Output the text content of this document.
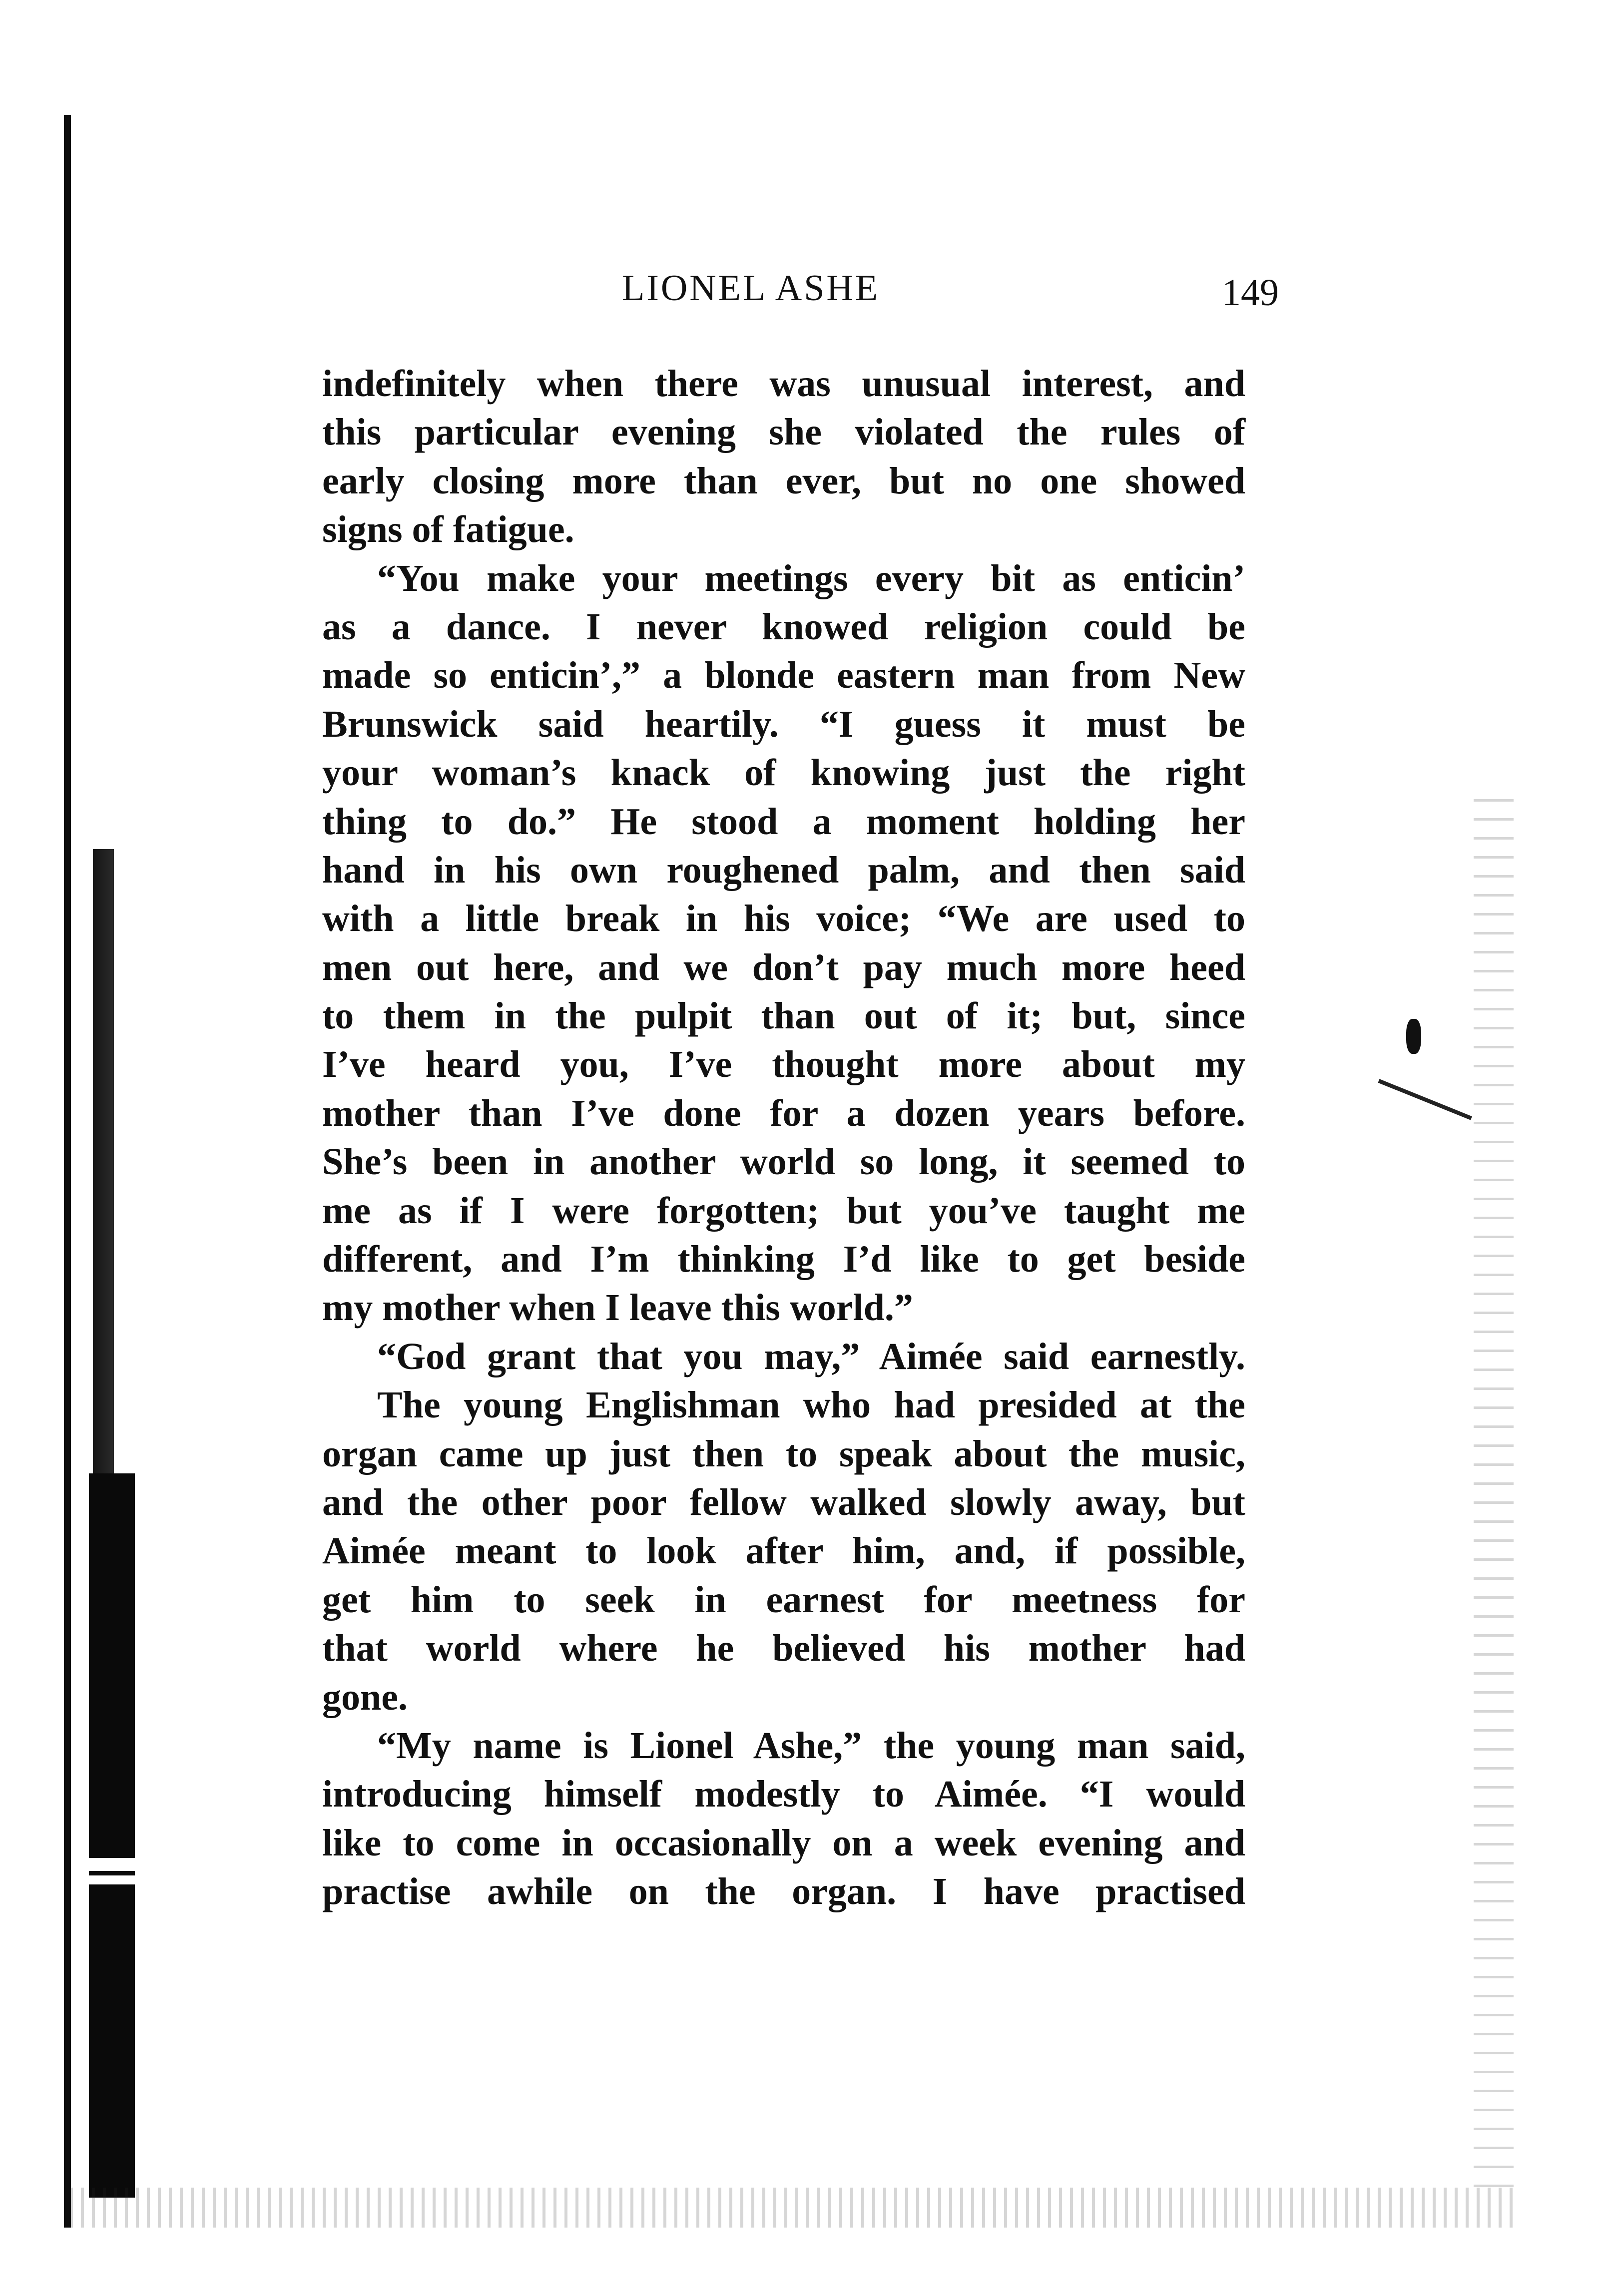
LIONEL ASHE	149
indefinitely when there was unusual interest, and
this particular evening she violated the rules of
early closing more than ever, but no one showed
signs of fatigue.
“You make your meetings every bit as enticin’
as a dance. I never knowed religion could be
made so enticin’,” a blonde eastern man from New
Brunswick said heartily. “I guess it must be
your woman’s knack of knowing just the right
thing to do.” He stood a moment holding her
hand in his own roughened palm, and then said
with a little break in his voice; “We are used to
men out here, and we don’t pay much more heed
to them in the pulpit than out of it; but, since
I’ve heard you, I’ve thought more about my
mother than I’ve done for a dozen years before.
She’s been in another world so long, it seemed to
me as if I were forgotten; but you’ve taught me
different, and I’m thinking I’d like to get beside
my mother when I leave this world.”
“God grant that you may,” Aimée said earnestly.
The young Englishman who had presided at the
organ came up just then to speak about the music,
and the other poor fellow walked slowly away, but
Aimée meant to look after him, and, if possible,
get him to seek in earnest for meetness for
that world where he believed his mother had
gone.
“My name is Lionel Ashe,” the young man said,
introducing himself modestly to Aimée. “I would
like to come in occasionally on a week evening and
practise awhile on the organ. I have practised
